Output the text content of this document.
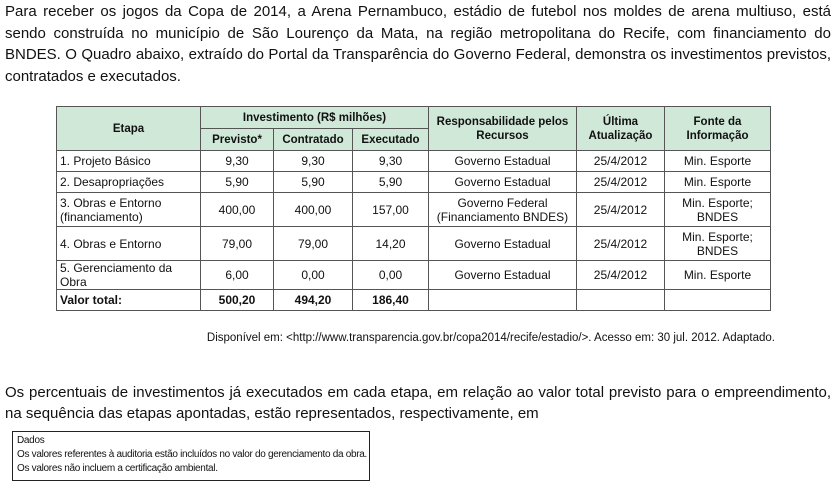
Para receber os jogos da Copa de 2014, a Arena Pernambuco, estádio de futebol nos moldes de arena multiuso, está sendo construída no município de São Lourenço da Mata, na região metropolitana do Recife, com financiamento do BNDES. O Quadro abaixo, extraído do Portal da Transparência do Governo Federal, demonstra os investimentos previstos, contratados e executados.

Etapa	Investimento (R$ milhões)			Responsabilidade pelos Recursos	Última Atualização	Fonte da Informação
	Previsto*	Contratado	Executado			
1. Projeto Básico	9,30	9,30	9,30	Governo Estadual	25/4/2012	Min. Esporte
2. Desapropriações	5,90	5,90	5,90	Governo Estadual	25/4/2012	Min. Esporte
3. Obras e Entorno (financiamento)	400,00	400,00	157,00	Governo Federal (Financiamento BNDES)	25/4/2012	Min. Esporte; BNDES
4. Obras e Entorno	79,00	79,00	14,20	Governo Estadual	25/4/2012	Min. Esporte; BNDES
5. Gerenciamento da Obra	6,00	0,00	0,00	Governo Estadual	25/4/2012	Min. Esporte
Valor total:	500,20	494,20	186,40			

Disponível em: <http://www.transparencia.gov.br/copa2014/recife/estadio/>. Acesso em: 30 jul. 2012. Adaptado.

Os percentuais de investimentos já executados em cada etapa, em relação ao valor total previsto para o empreendimento, na sequência das etapas apontadas, estão representados, respectivamente, em

Dados
Os valores referentes à auditoria estão incluídos no valor do gerenciamento da obra.
Os valores não incluem a certificação ambiental.
